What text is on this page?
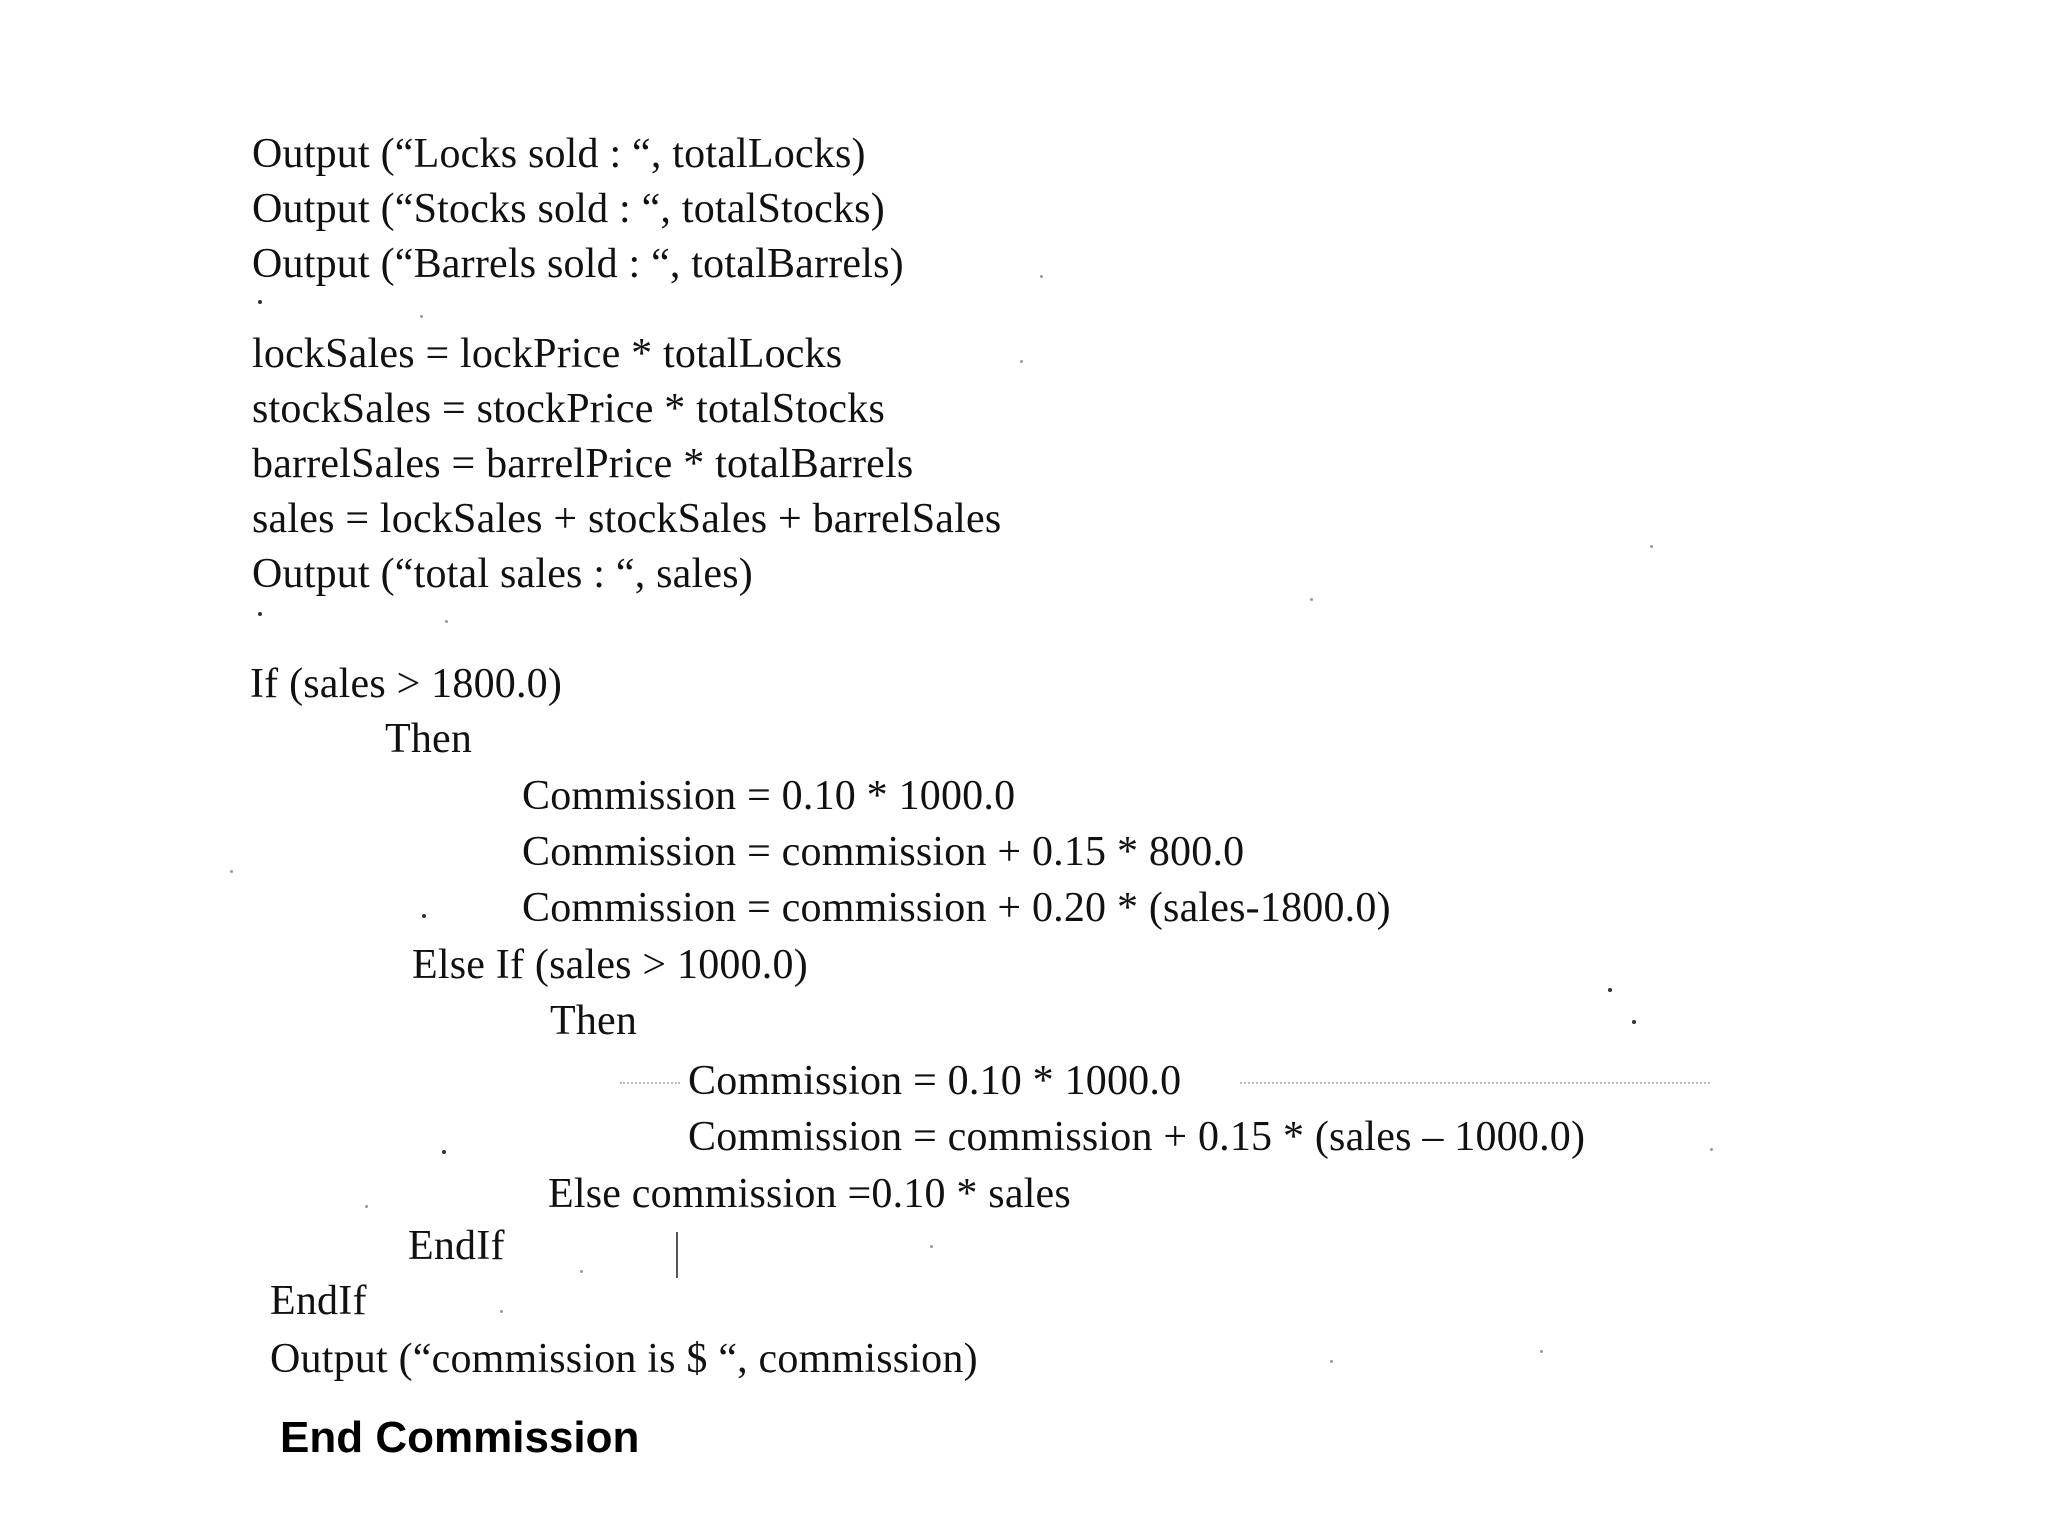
Output (“Locks sold : “, totalLocks)
Output (“Stocks sold : “, totalStocks)
Output (“Barrels sold : “, totalBarrels)
lockSales = lockPrice * totalLocks
stockSales = stockPrice * totalStocks
barrelSales = barrelPrice * totalBarrels
sales = lockSales + stockSales + barrelSales
Output (“total sales : “, sales)
If (sales > 1800.0)
Then
Commission = 0.10 * 1000.0
Commission = commission + 0.15 * 800.0
Commission = commission + 0.20 * (sales-1800.0)
Else If (sales > 1000.0)
Then
Commission = 0.10 * 1000.0
Commission = commission + 0.15 * (sales – 1000.0)
Else commission =0.10 * sales
EndIf
EndIf
Output (“commission is $ “, commission)
End Commission
